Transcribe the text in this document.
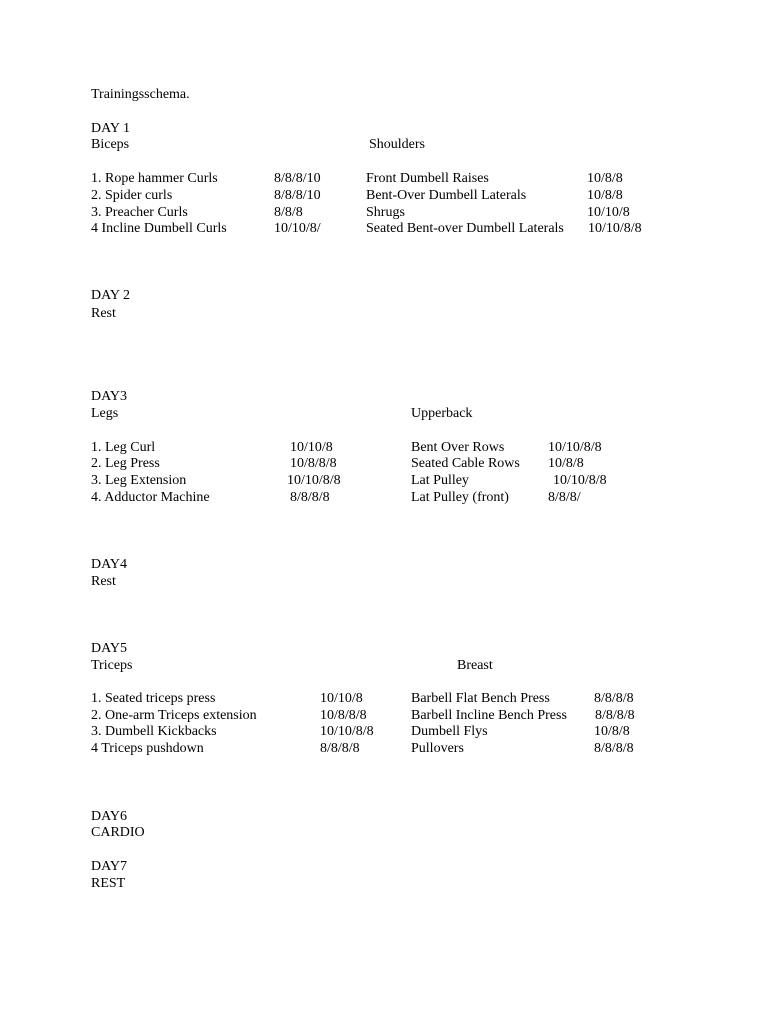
Trainingsschema.
DAY 1
Biceps	Shoulders
1. Rope hammer Curls	8/8/8/10	Front Dumbell Raises	10/8/8
2. Spider curls	8/8/8/10	Bent-Over Dumbell Laterals	10/8/8
3. Preacher Curls	8/8/8	Shrugs	10/10/8
4 Incline Dumbell Curls	10/10/8/	Seated Bent-over Dumbell Laterals 10/10/8/8
DAY 2
Rest
DAY3
Legs	Upperback
1. Leg Curl	10/10/8	Bent Over Rows	10/10/8/8
2. Leg Press	10/8/8/8	Seated Cable Rows 10/8/8
3. Leg Extension	10/10/8/8	Lat Pulley	10/10/8/8
4. Adductor Machine	8/8/8/8	Lat Pulley (front)	8/8/8/
DAY4
Rest
DAY5
Triceps	Breast
1. Seated triceps press	10/10/8	Barbell Flat Bench Press	8/8/8/8
2. One-arm Triceps extension	10/8/8/8	Barbell Incline Bench Press 8/8/8/8
3. Dumbell Kickbacks	10/10/8/8	Dumbell Flys	10/8/8
4 Triceps pushdown	8/8/8/8	Pullovers	8/8/8/8
DAY6
CARDIO
DAY7
REST
